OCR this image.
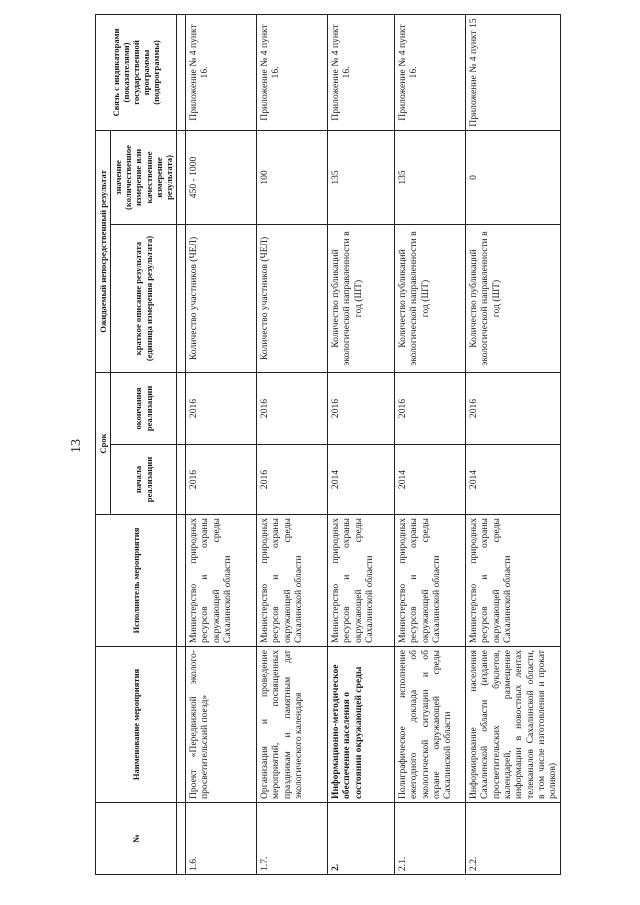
13
№	Наименование мероприятия	Исполнитель мероприятия	Срок		Ожидаемый непосредственный результат		Связь с индикаторами (показателями) государственной программы (подпрограммы)
			начала реализации	окончания реализации	краткое описание результата (единица измерения результата)	значение (количественное измерение или качественное измерение результата)	

1.6.	Проект «Передвижной эколого-просветительский поезд»	Министерство природных ресурсов и охраны окружающей среды Сахалинской области	2016	2016	Количество участников (ЧЕЛ)	450 - 1000	Приложение № 4 пункт 16.
1.7.	Организация и проведение мероприятий, посвященных праздникам и памятным дат экологического календаря	Министерство природных ресурсов и охраны окружающей среды Сахалинской области	2016	2016	Количество участников (ЧЕЛ)	100	Приложение № 4 пункт 16.
2.	Информационно-методическое обеспечение населения о состоянии окружающей среды	Министерство природных ресурсов и охраны окружающей среды Сахалинской области	2014	2016	Количество публикаций экологической направленности в год (ШТ)	135	Приложение № 4 пункт 16.
2.1.	Полиграфическое исполнение ежегодного доклада об экологической ситуации и об охране окружающей среды Сахалинской области	Министерство природных ресурсов и охраны окружающей среды Сахалинской области	2014	2016	Количество публикаций экологической направленности в год (ШТ)	135	Приложение № 4 пункт 16.
2.2.	Информирование населения Сахалинской области (издание просветительских буклетов, календарей, размещение информации в новостных лентах телеканалов Сахалинской области, в том числе изготовления и прокат роликов)	Министерство природных ресурсов и охраны окружающей среды Сахалинской области	2014	2016	Количество публикаций экологической направленности в год (ШТ)	0	Приложение № 4 пункт 15
